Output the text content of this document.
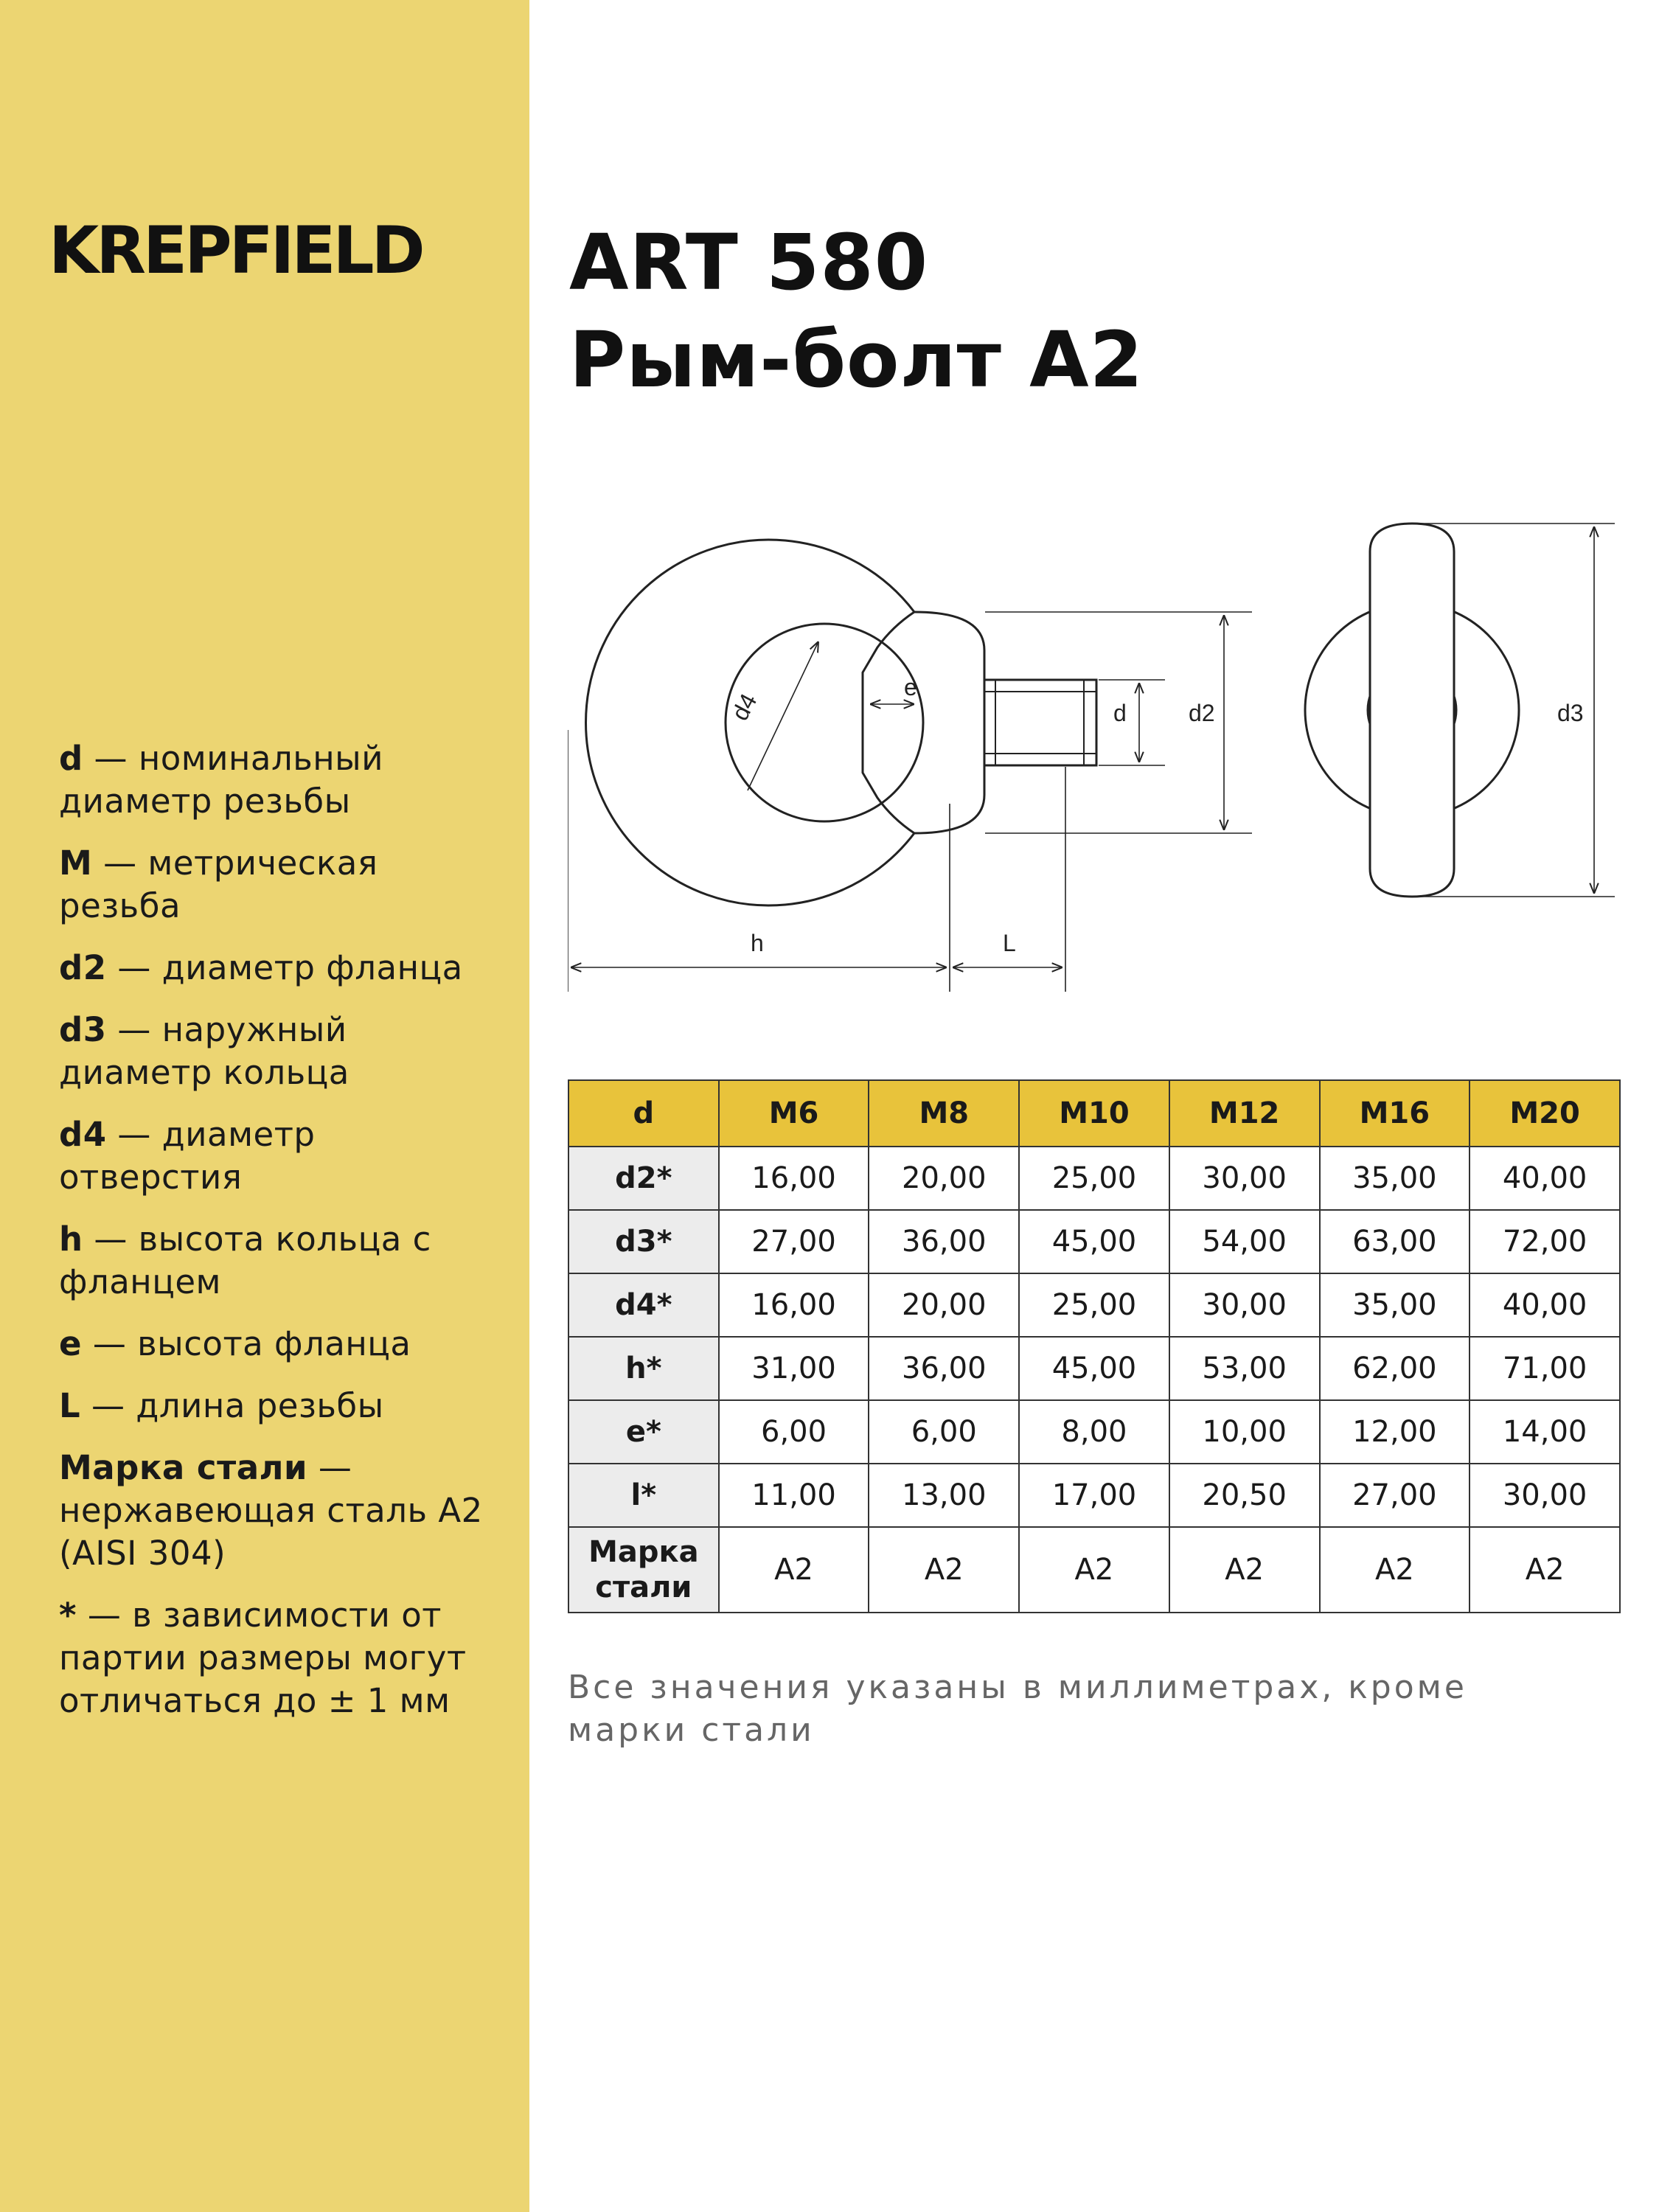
KREPFIELD
d — номинальный диаметр резьбы
M — метрическая резьба
d2 — диаметр фланца
d3 — наружный диаметр кольца
d4 — диаметр отверстия
h — высота кольца с фланцем
e — высота фланца
L — длина резьбы
Марка стали — нержавеющая сталь A2 (AISI 304)
* — в зависимости от партии размеры могут отличаться до ± 1 мм
ART 580
Рым-болт A2
d4
e
d	d2	d3
h	L
d	M6	M8	M10	M12	M16	M20
d2*	16,00	20,00	25,00	30,00	35,00	40,00
d3*	27,00	36,00	45,00	54,00	63,00	72,00
d4*	16,00	20,00	25,00	30,00	35,00	40,00
h*	31,00	36,00	45,00	53,00	62,00	71,00
e*	6,00	6,00	8,00	10,00	12,00	14,00
l*	11,00	13,00	17,00	20,50	27,00	30,00
Марка стали	A2	A2	A2	A2	A2	A2
Все значения указаны в миллиметрах, кроме марки стали
